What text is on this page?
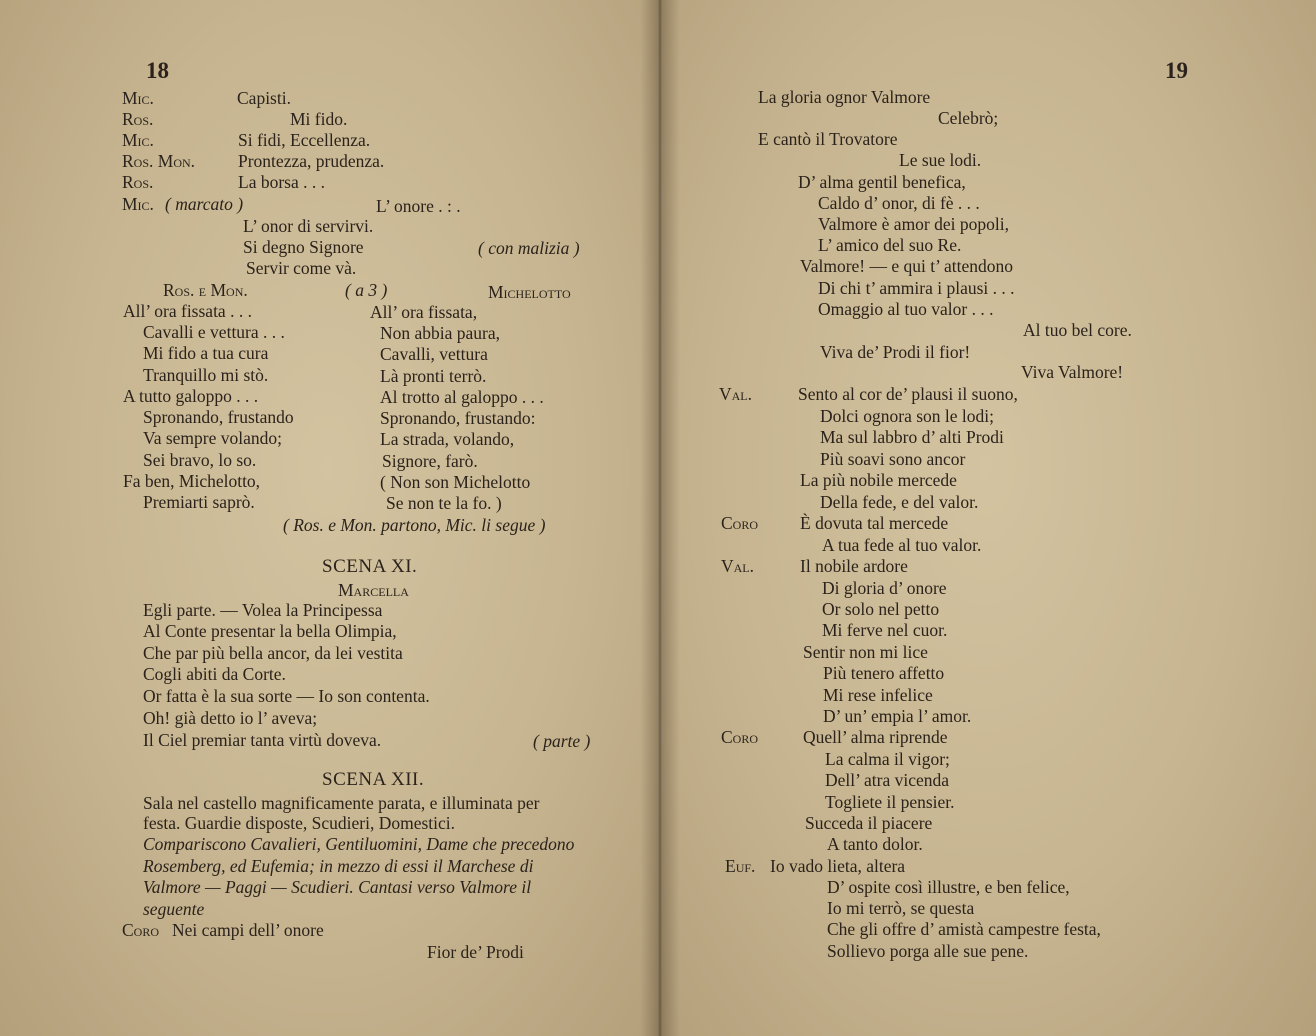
18
Mic.	Capisti.
Ros.	Mi fido.
Mic.	Si fidi, Eccellenza.
Ros. Mon. Prontezza, prudenza.
Ros.	La borsa . . .
Mic. ( marcato )	L’ onore . : .
L’ onor di servirvi.
Si degno Signore	( con malizia )
Servir come và.
Ros. e Mon.	( a 3 )	Michelotto
All’ ora fissata . . .	All’ ora fissata,
Cavalli e vettura . . .	Non abbia paura,
Mi fido a tua cura	Cavalli, vettura
Tranquillo mi stò.	Là pronti terrò.
A tutto galoppo . . .	Al trotto al galoppo . . .
Spronando, frustando	Spronando, frustando:
Va sempre volando;	La strada, volando,
Sei bravo, lo so.	Signore, farò.
Fa ben, Michelotto,	( Non son Michelotto
Premiarti saprò.	Se non te la fo. )
( Ros. e Mon. partono, Mic. li segue )
SCENA XI.
Marcella
Egli parte. — Volea la Principessa
Al Conte presentar la bella Olimpia,
Che par più bella ancor, da lei vestita
Cogli abiti da Corte.
Or fatta è la sua sorte — Io son contenta.
Oh! già detto io l’ aveva;
Il Ciel premiar tanta virtù doveva.	( parte )
SCENA XII.
Sala nel castello magnificamente parata, e illuminata per
festa. Guardie disposte, Scudieri, Domestici.
Compariscono Cavalieri, Gentiluomini, Dame che precedono
Rosemberg, ed Eufemia; in mezzo di essi il Marchese di
Valmore — Paggi — Scudieri. Cantasi verso Valmore il
seguente
Coro Nei campi dell’ onore
Fior de’ Prodi
19
La gloria ognor Valmore
Celebrò;
E cantò il Trovatore
Le sue lodi.
D’ alma gentil benefica,
Caldo d’ onor, di fè . . .
Valmore è amor dei popoli,
L’ amico del suo Re.
Valmore! — e qui t’ attendono
Di chi t’ ammira i plausi . . .
Omaggio al tuo valor . . .
Al tuo bel core.
Viva de’ Prodi il fior!
Viva Valmore!
Val.	Sento al cor de’ plausi il suono,
Dolci ognora son le lodi;
Ma sul labbro d’ alti Prodi
Più soavi sono ancor
La più nobile mercede
Della fede, e del valor.
Coro È dovuta tal mercede
A tua fede al tuo valor.
Val.	Il nobile ardore
Di gloria d’ onore
Or solo nel petto
Mi ferve nel cuor.
Sentir non mi lice
Più tenero affetto
Mi rese infelice
D’ un’ empia l’ amor.
Coro	Quell’ alma riprende
La calma il vigor;
Dell’ atra vicenda
Togliete il pensier.
Succeda il piacere
A tanto dolor.
Euf. Io vado lieta, altera
D’ ospite così illustre, e ben felice,
Io mi terrò, se questa
Che gli offre d’ amistà campestre festa,
Sollievo porga alle sue pene.
